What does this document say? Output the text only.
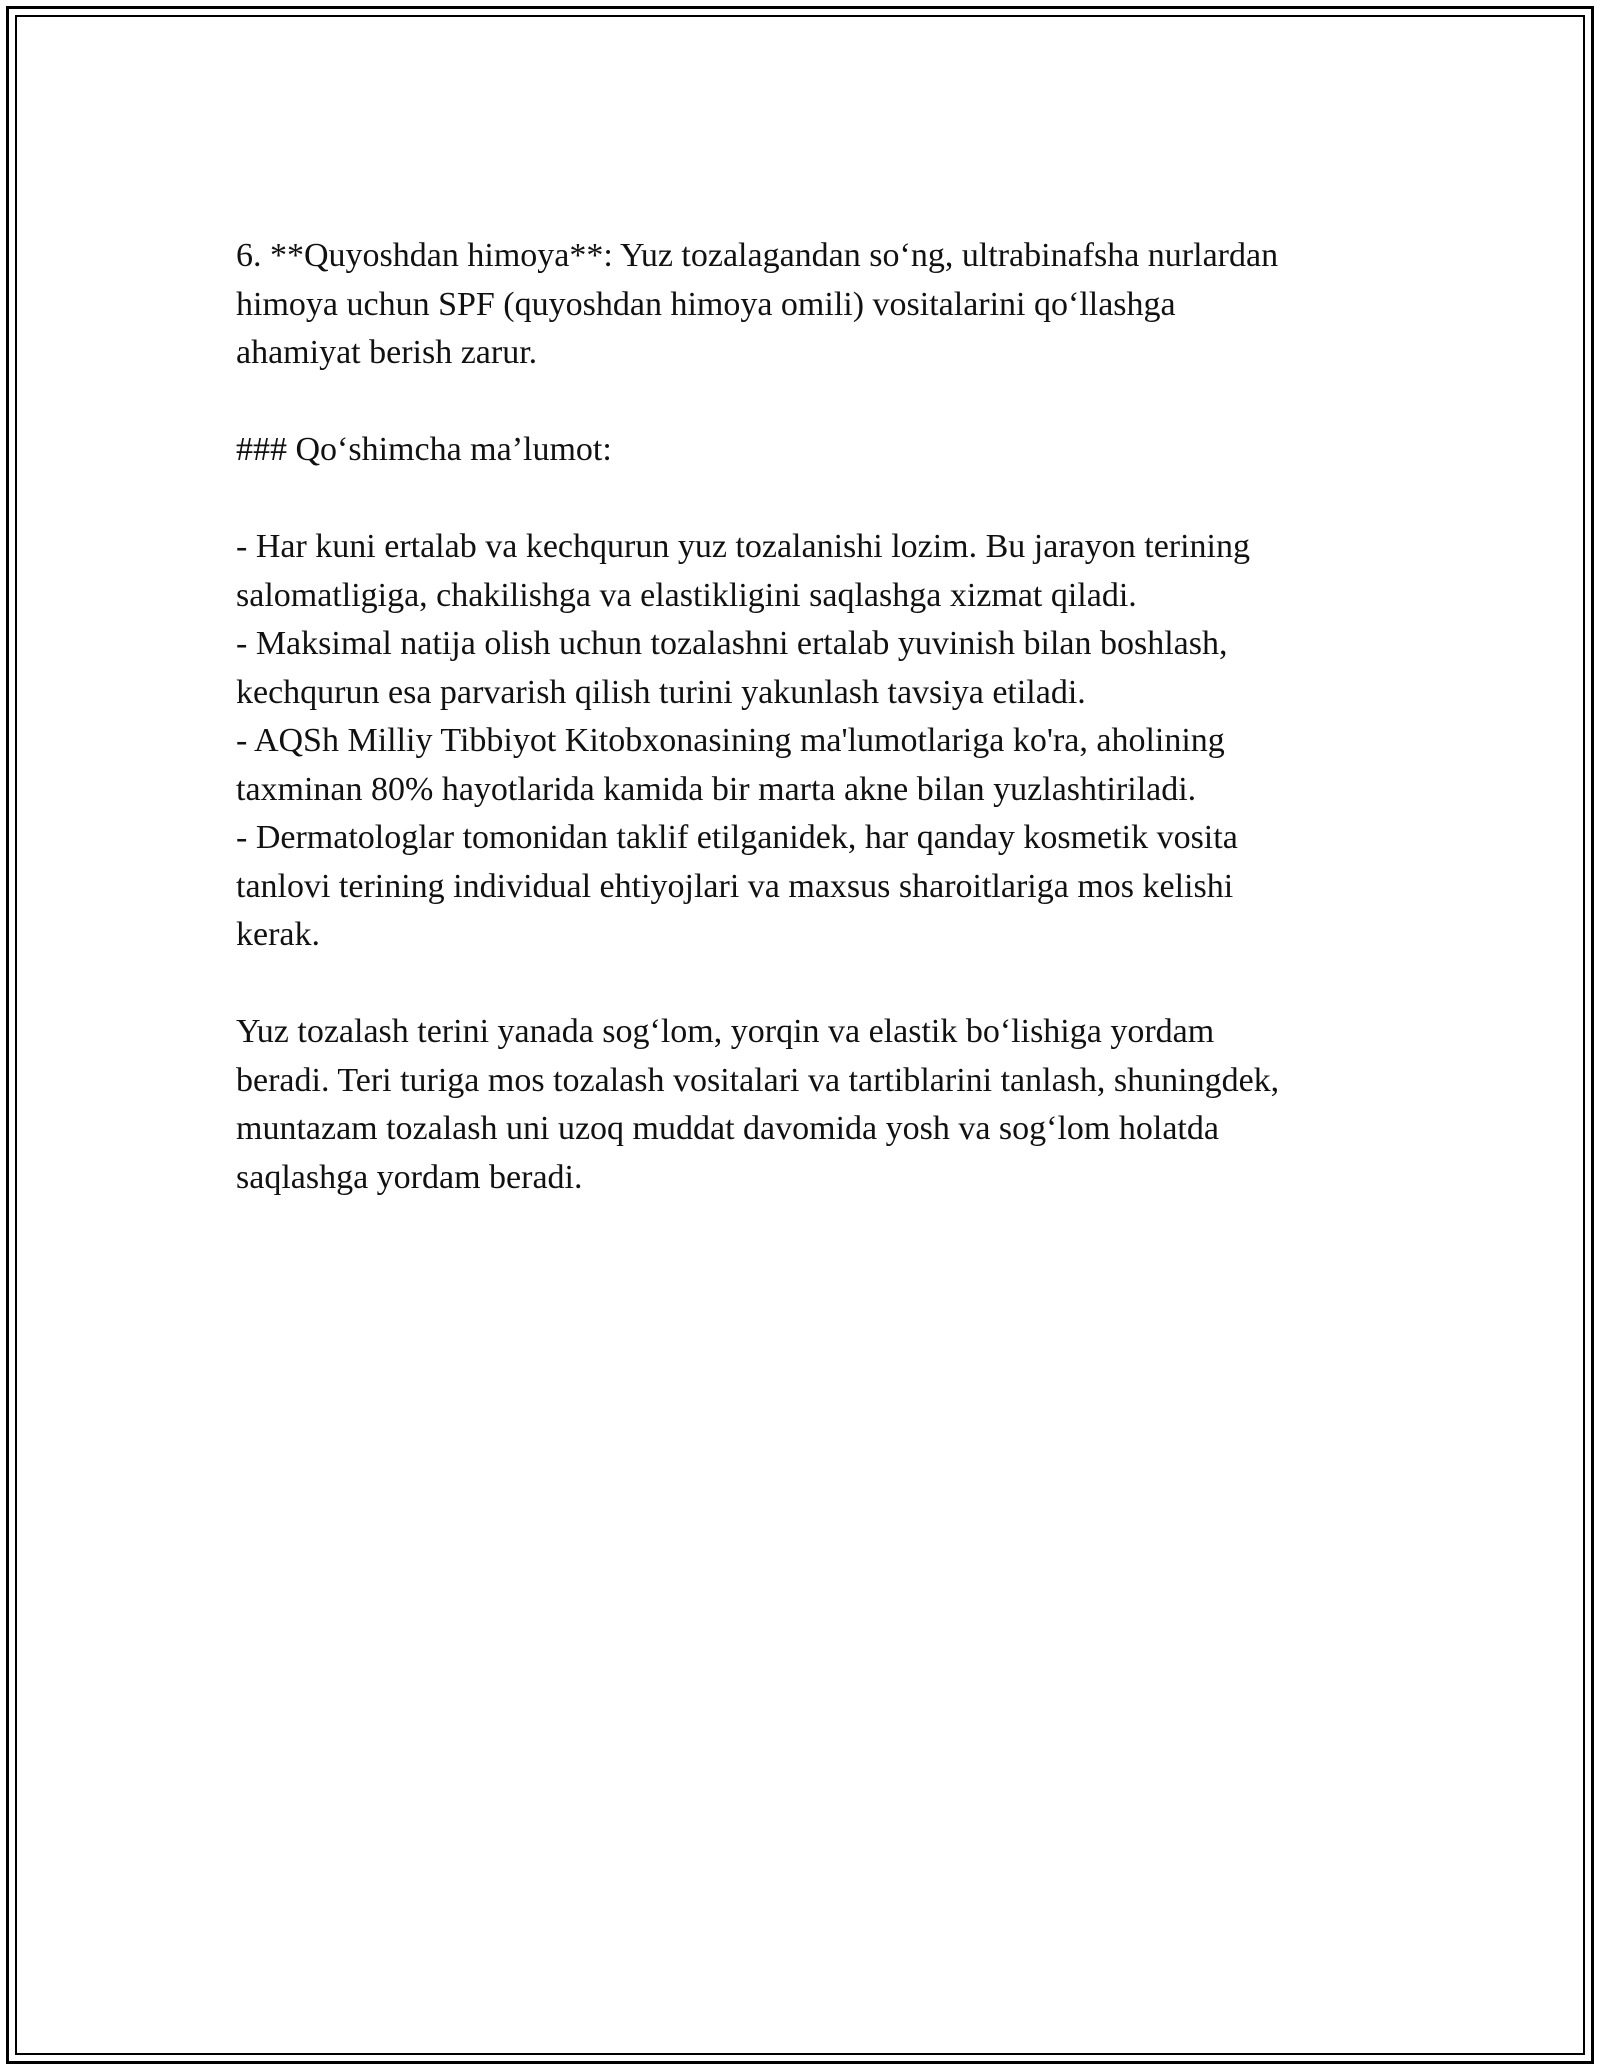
6. **Quyoshdan himoya**: Yuz tozalagandan so‘ng, ultrabinafsha nurlardan
himoya uchun SPF (quyoshdan himoya omili) vositalarini qo‘llashga
ahamiyat berish zarur.

### Qo‘shimcha ma’lumot:

- Har kuni ertalab va kechqurun yuz tozalanishi lozim. Bu jarayon terining
salomatligiga, chakilishga va elastikligini saqlashga xizmat qiladi.

- Maksimal natija olish uchun tozalashni ertalab yuvinish bilan boshlash,
kechqurun esa parvarish qilish turini yakunlash tavsiya etiladi.

- AQSh Milliy Tibbiyot Kitobxonasining ma'lumotlariga ko'ra, aholining
taxminan 80% hayotlarida kamida bir marta akne bilan yuzlashtiriladi.

- Dermatologlar tomonidan taklif etilganidek, har qanday kosmetik vosita
tanlovi terining individual ehtiyojlari va maxsus sharoitlariga mos kelishi
kerak.

Yuz tozalash terini yanada sog‘lom, yorqin va elastik bo‘lishiga yordam
beradi. Teri turiga mos tozalash vositalari va tartiblarini tanlash, shuningdek,
muntazam tozalash uni uzoq muddat davomida yosh va sog‘lom holatda
saqlashga yordam beradi.
